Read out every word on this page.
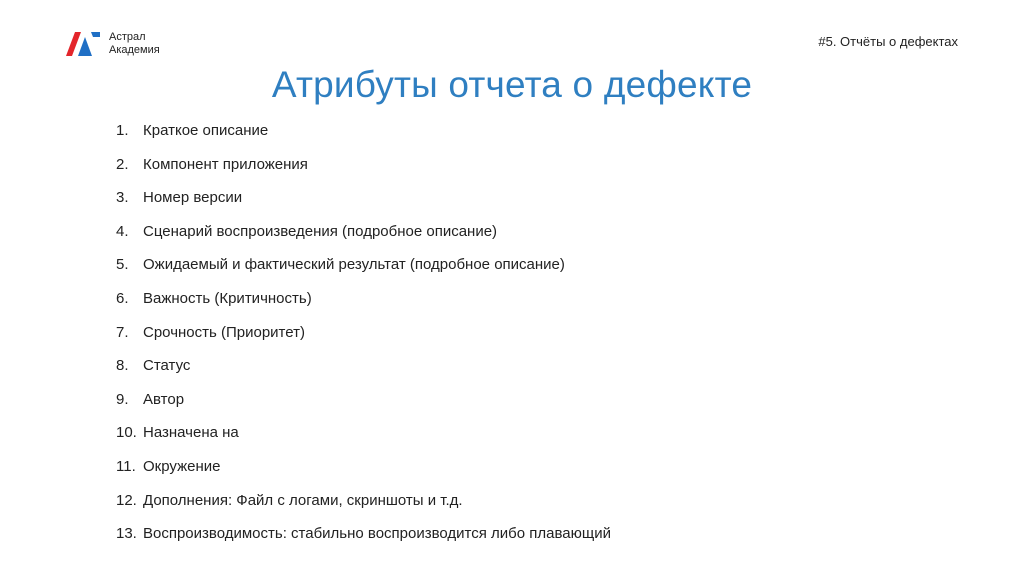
Астрал
Академия
#5. Отчёты о дефектах
Атрибуты отчета о дефекте
1. Краткое описание
2. Компонент приложения
3. Номер версии
4. Сценарий воспроизведения (подробное описание)
5. Ожидаемый и фактический результат (подробное описание)
6. Важность (Критичность)
7. Срочность (Приоритет)
8. Статус
9. Автор
10. Назначена на
11. Окружение
12. Дополнения: Файл с логами, скриншоты и т.д.
13. Воспроизводимость: стабильно воспроизводится либо плавающий
